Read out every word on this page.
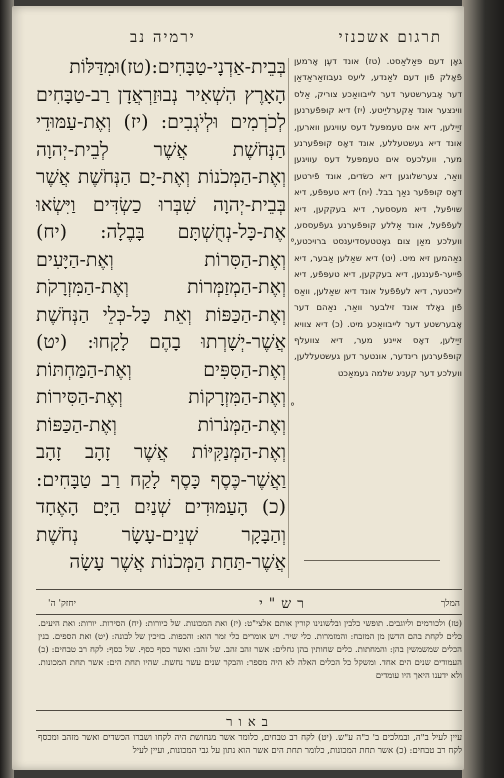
ירמיה נב	תרגום אשכנזי
בְּבֵית-אַדְנָי-טַבָּחִים:(טז)וּמִדַּלּוֹת הָאָרֶץ הִשְׁאִיר נְבוּזַרְאֲדָן רַב-טַבָּחִים לְכֹרְמִים וּלְיֹגְבִים: (יז) וְאֶת-עַמּוּדֵי הַנְּחֹשֶׁת אֲשֶׁר לְבֵית-יְהוָה וְאֶת-הַמְּכֹנוֹת וְאֶת-יָם הַנְּחֹשֶׁת אֲשֶׁר בְּבֵית-יְהוָה שִׁבְּרוּ כַשְׂדִּים וַיִּשְׂאוּ אֶת-כָּל-נְחֻשְׁתָּם בָּבֶלָה: (יח) וְאֶת-הַסִּרוֹת וְאֶת-הַיָּעִים וְאֶת-הַמְזַמְּרוֹת וְאֶת-הַמִּזְרָקֹת וְאֶת-הַכַּפּוֹת וְאֵת כָּל-כְּלֵי הַנְּחֹשֶׁת אֲשֶׁר-יְשָׁרְתוּ בָהֶם לָקָחוּ: (יט) וְאֶת-הַסִּפִּים וְאֶת-הַמַּחְתּוֹת וְאֶת-הַמִּזְרָקוֹת וְאֶת-הַסִּירוֹת וְאֶת-הַמְּנֹרוֹת וְאֶת-הַכַּפּוֹת וְאֶת-הַמְּנַקִּיּוֹת אֲשֶׁר זָהָב זָהָב וַאֲשֶׁר-כֶּסֶף כָּסֶף לָקַח רַב טַבָּחִים: (כ) הָעַמּוּדִים שְׁנַיִם הַיָּם הָאֶחָד וְהַבָּקָר שְׁנֵים-עָשָׂר נְחֹשֶׁת אֲשֶׁר-תַּחַת הַמְּכֹנוֹת אֲשֶׁר עָשָׂה
גאָן דעם פּאַלאַסט. (טז) אונד דעֶן אָרמען פֿאָלק פֿון דעם לאַנדע, ליעס נעבוזאַראַדאַן דער אָבערשטער דער לייבוואַכע צוריק, אַלס ווינצער אונד אַקערליַיטע. (יז) דיא קופּפֿערנען זיַילען, דיא אים טעמפּעל דעס עוויגען ווארען, אונד דיא געשטעללע, אונד דאָס קופּפֿערנע מער, וועלכעס אים טעמפּעל דעס עוויגען וואַר, צערשלוגען דיא כשׂדים, אונד פֿירטען דאָס קופּפֿער נאַך בבל. (יח) דיא טעפּפֿע, דיא שויפֿעל, דיא מעססער, דיא בעקקען, דיא לעפֿפֿעל, אונד אַללע קופּפֿערנע געפֿעססע, וועלכע מאַן צום גאָטטעסדיענסט ברויכטע, נאַהמען זיא מיט. (יט) דיא שאַלען אַבער, דיא פֿייער-פֿעננען, דיא בעקקען, דיא טעפּפֿע, דיא לייכטער, דיא לעפֿפֿעל אונד דיא שאַלען, וואַס פֿון גאָלד אונד זילבער וואַר, נאַהם דער אָבערשטע דער לייבוואַכע מיט. (כ) דיא צוויא זיַילען, דאָס איינע מער, דיא צוועלף קופּפֿערנען רינדער, אונטער דען געשטעללען, וועלכע דער קעניג שלמה געמאַכט
°
°
המלך
רש"י
יחזק' ה'
(טז) ולכורמים וליוגבים. תופשי כלבין ובלשונינו קורין אותם אלצי"ט: (יז) ואת המכונות. של כיורות: (יח) הסירות. יורות: ואת היעים. כלים לקחת בהם הדשן מן המזבח: והמזמרות. כלי שיר. ויש אומרים כלי זמר הוא: והכפות. בזיכין של לבונה: (יט) ואת הספים. בנין הכלים שמשמשין בהן: והמחתות. כלים שחותין בהן גחלים: אשר זהב זהב. של זהב: ואשר כסף כסף. של כסף: לקח רב טבחים: (כ) העמודים שנים הים אחד. ומשקל כל הכלים האלה לא היה מספר: והבקר שנים עשר נחשת. שהיו תחת הים: אשר תחת המכונות. ולא ידענו היאך היו עומדים
באור
עיין לעיל ב"ה, ובמלכים ב' כ"ה ע"ש. (יט) לקח רב טבחים, כלומר אשר מנחושת היה לקחו ושברו הכשדים ואשר מזהב ומכסף לקח רב טבחים: (כ) אשר תחת המכונות, כלומר תחת הים אשר הוא נתון על גבי המכונות, ועיין לעיל
